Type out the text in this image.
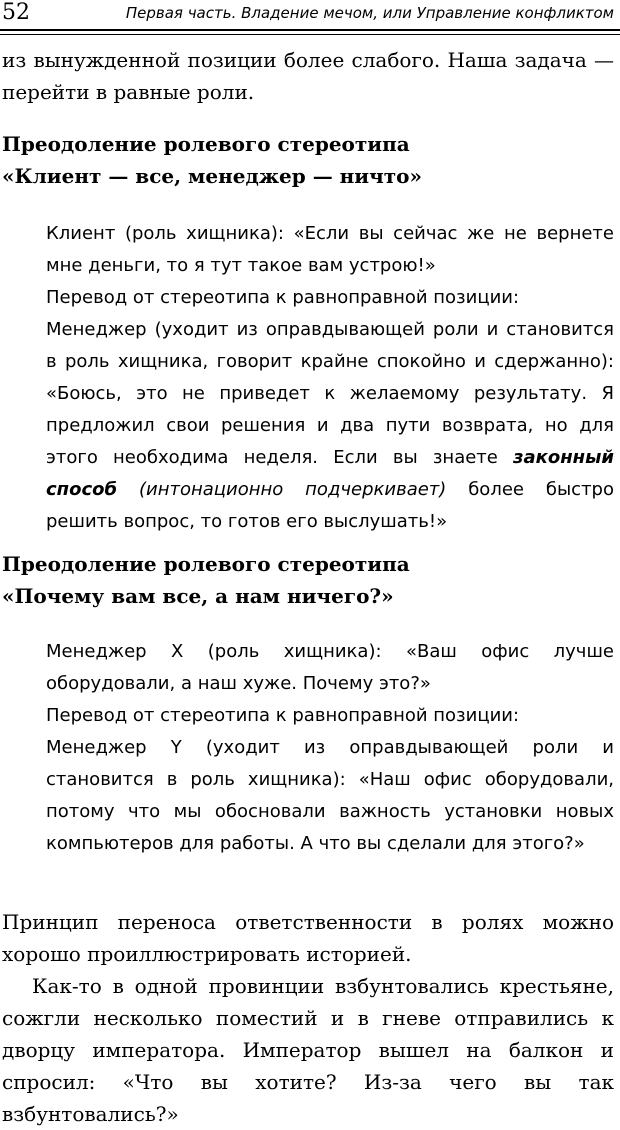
52	Первая часть. Владение мечом, или Управление конфликтом

из вынужденной позиции более слабого. Наша задача — перейти в равные роли.

Преодоление ролевого стереотипа
«Клиент — все, менеджер — ничто»

Клиент (роль хищника): «Если вы сейчас же не вернете мне деньги, то я тут такое вам устрою!»

Перевод от стереотипа к равноправной позиции:

Менеджер (уходит из оправдывающей роли и становится в роль хищника, говорит крайне спокойно и сдержанно): «Боюсь, это не приведет к желаемому результату. Я предложил свои решения и два пути возврата, но для этого необходима неделя. Если вы знаете законный способ (интонационно подчеркивает) более быстро решить вопрос, то готов его выслушать!»

Преодоление ролевого стереотипа
«Почему вам все, а нам ничего?»

Менеджер X (роль хищника): «Ваш офис лучше оборудовали, а наш хуже. Почему это?»

Перевод от стереотипа к равноправной позиции:

Менеджер Y (уходит из оправдывающей роли и становится в роль хищника): «Наш офис оборудовали, потому что мы обосновали важность установки новых компьютеров для работы. А что вы сделали для этого?»

Принцип переноса ответственности в ролях можно хорошо проиллюстрировать историей.

Как-то в одной провинции взбунтовались крестьяне, сожгли несколько поместий и в гневе отправились к дворцу императора. Император вышел на балкон и спросил: «Что вы хотите? Из-за чего вы так взбунтовались?»
